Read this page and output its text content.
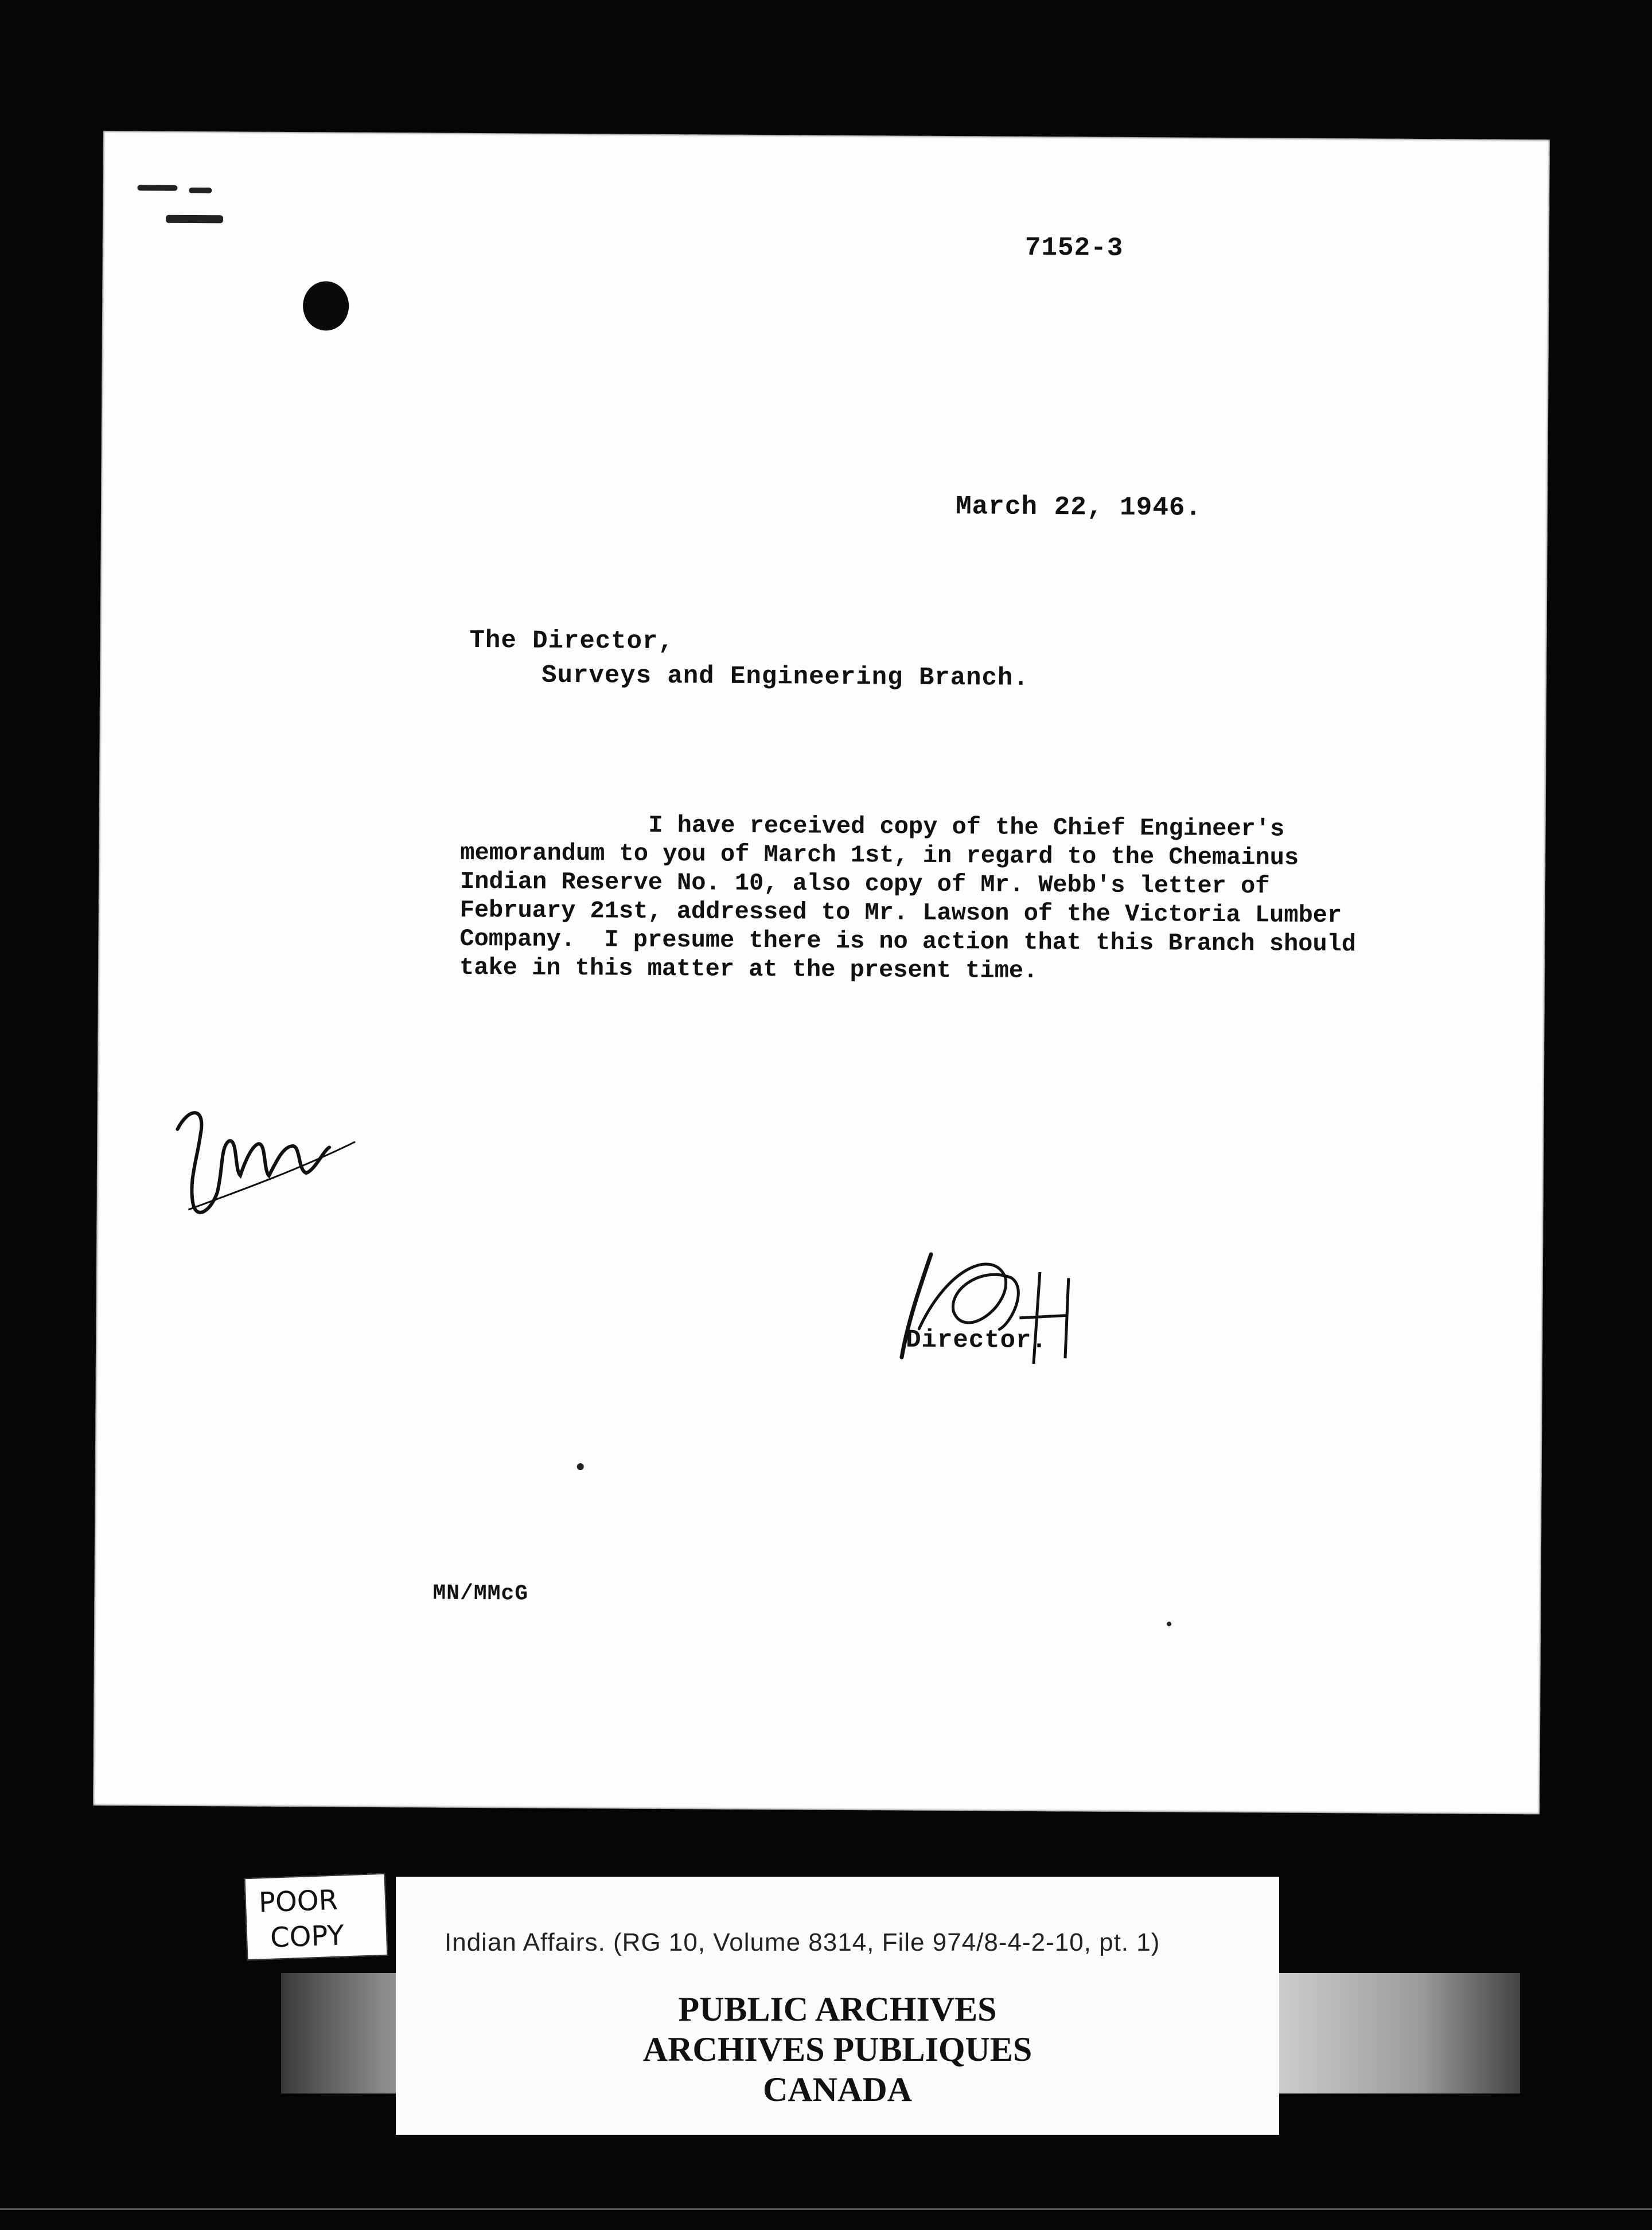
7152-3
March 22, 1946.
The Director,
Surveys and Engineering Branch.
I have received copy of the Chief Engineer's
memorandum to you of March 1st, in regard to the Chemainus
Indian Reserve No. 10, also copy of Mr. Webb's letter of
February 21st, addressed to Mr. Lawson of the Victoria Lumber
Company.  I presume there is no action that this Branch should
take in this matter at the present time.
Director.
MN/MMcG
POOR
COPY	Indian Affairs. (RG 10, Volume 8314, File 974/8-4-2-10, pt. 1)
PUBLIC ARCHIVES
ARCHIVES PUBLIQUES
CANADA
